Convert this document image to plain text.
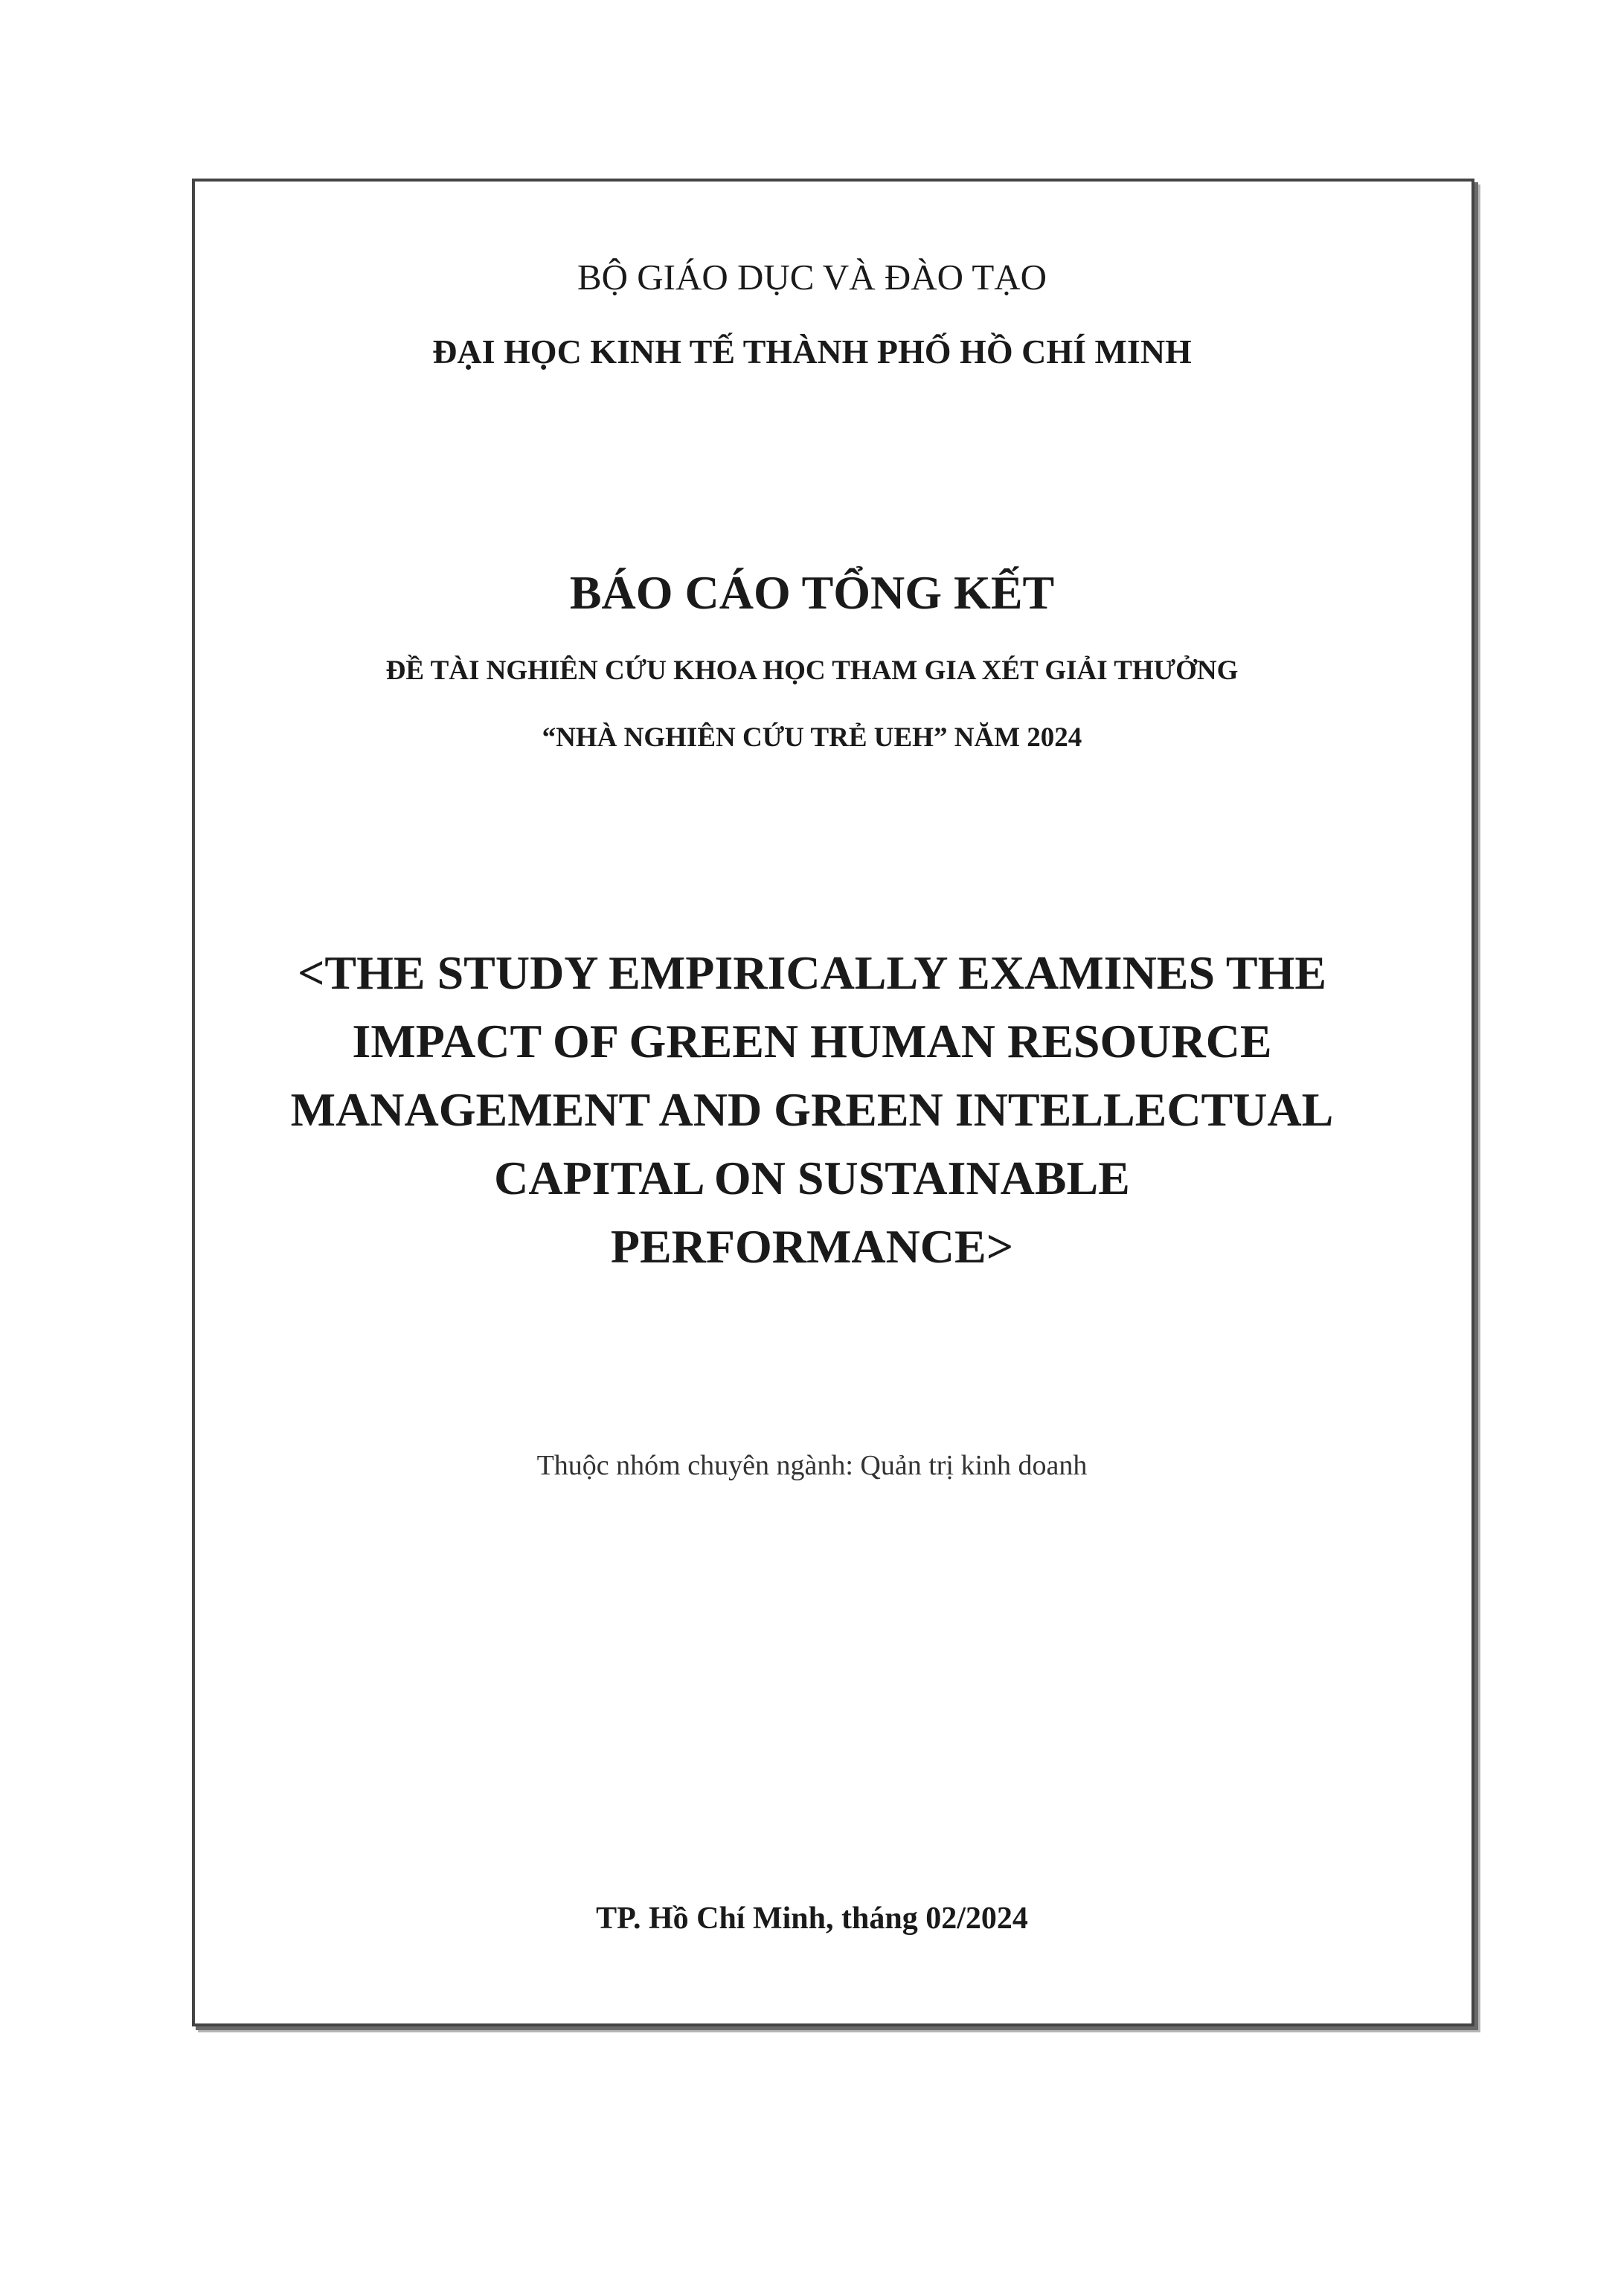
BỘ GIÁO DỤC VÀ ĐÀO TẠO

ĐẠI HỌC KINH TẾ THÀNH PHỐ HỒ CHÍ MINH

BÁO CÁO TỔNG KẾT

ĐỀ TÀI NGHIÊN CỨU KHOA HỌC THAM GIA XÉT GIẢI THƯỞNG

“NHÀ NGHIÊN CỨU TRẺ UEH” NĂM 2024

<THE STUDY EMPIRICALLY EXAMINES THE
IMPACT OF GREEN HUMAN RESOURCE
MANAGEMENT AND GREEN INTELLECTUAL
CAPITAL ON SUSTAINABLE
PERFORMANCE>

Thuộc nhóm chuyên ngành: Quản trị kinh doanh

TP. Hồ Chí Minh, tháng 02/2024
